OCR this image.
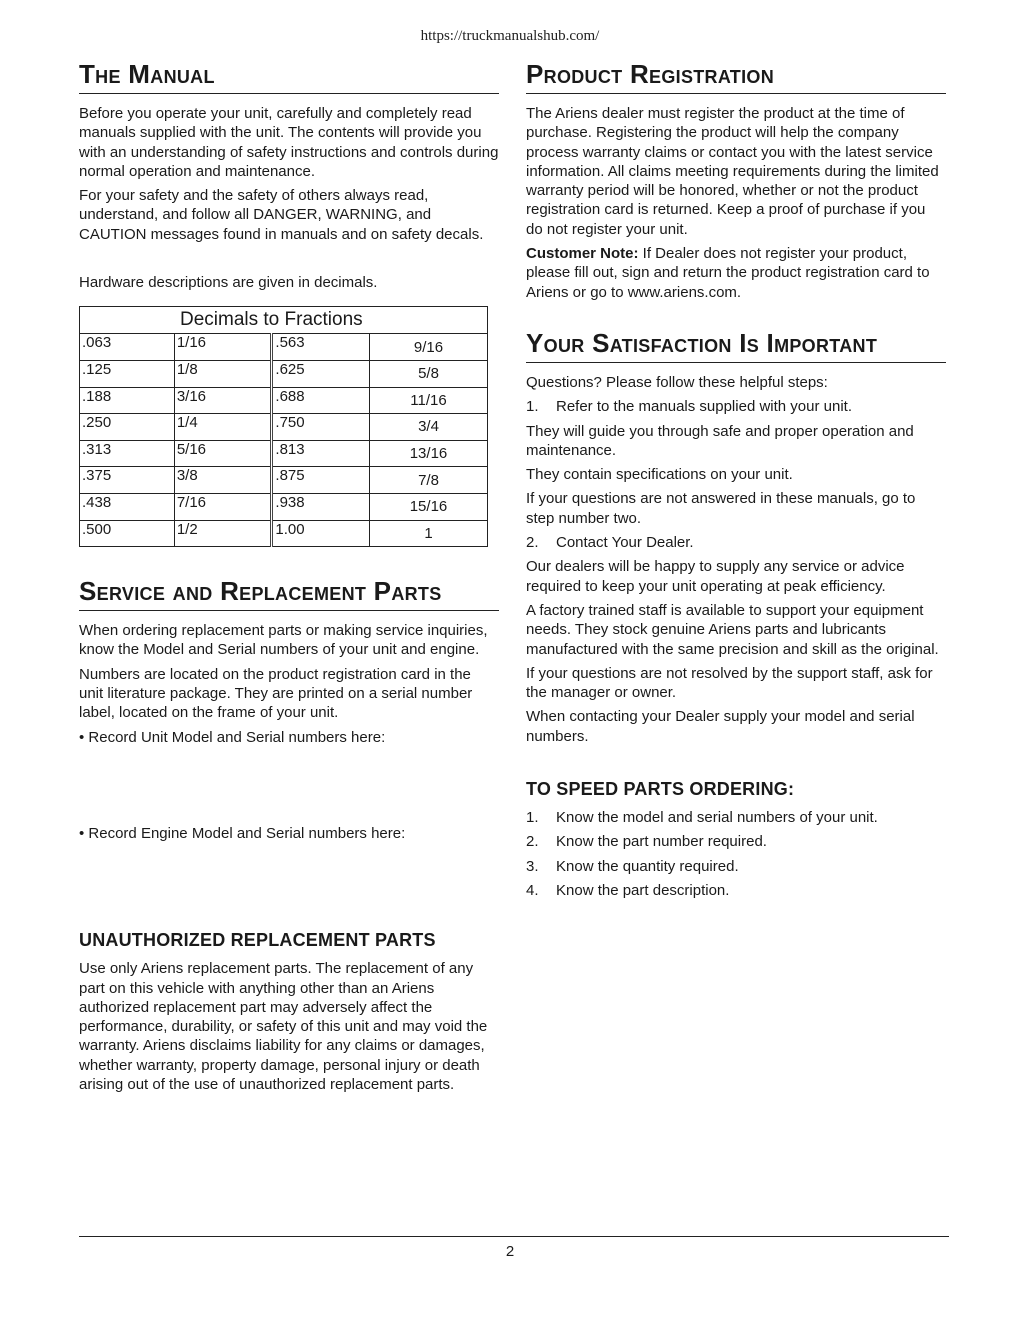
https://truckmanualshub.com/
The Manual

Before you operate your unit, carefully and completely read manuals supplied with the unit. The contents will provide you with an understanding of safety instructions and controls during normal operation and maintenance.

For your safety and the safety of others always read, understand, and follow all DANGER, WARNING, and CAUTION messages found in manuals and on safety decals.

Hardware descriptions are given in decimals.

Decimals to Fractions			
.063	1/16	.563	9/16
.125	1/8	.625	5/8
.188	3/16	.688	11/16
.250	1/4	.750	3/4
.313	5/16	.813	13/16
.375	3/8	.875	7/8
.438	7/16	.938	15/16
.500	1/2	1.00	1
Service and Replacement Parts

When ordering replacement parts or making service inquiries, know the Model and Serial numbers of your unit and engine.

Numbers are located on the product registration card in the unit literature package. They are printed on a serial number label, located on the frame of your unit.

• Record Unit Model and Serial numbers here:

• Record Engine Model and Serial numbers here:

UNAUTHORIZED REPLACEMENT PARTS

Use only Ariens replacement parts. The replacement of any part on this vehicle with anything other than an Ariens authorized replacement part may adversely affect the performance, durability, or safety of this unit and may void the warranty. Ariens disclaims liability for any claims or damages, whether warranty, property damage, personal injury or death arising out of the use of unauthorized replacement parts.

Product Registration

The Ariens dealer must register the product at the time of purchase. Registering the product will help the company process warranty claims or contact you with the latest service information. All claims meeting requirements during the limited warranty period will be honored, whether or not the product registration card is returned. Keep a proof of purchase if you do not register your unit.

Customer Note: If Dealer does not register your product, please fill out, sign and return the product registration card to Ariens or go to www.ariens.com.

Your Satisfaction Is Important

Questions? Please follow these helpful steps:

1. Refer to the manuals supplied with your unit.

They will guide you through safe and proper operation and maintenance.

They contain specifications on your unit.

If your questions are not answered in these manuals, go to step number two.

2. Contact Your Dealer.

Our dealers will be happy to supply any service or advice required to keep your unit operating at peak efficiency.

A factory trained staff is available to support your equipment needs. They stock genuine Ariens parts and lubricants manufactured with the same precision and skill as the original.

If your questions are not resolved by the support staff, ask for the manager or owner.

When contacting your Dealer supply your model and serial numbers.

TO SPEED PARTS ORDERING:
1. Know the model and serial numbers of your unit.
2. Know the part number required.
3. Know the quantity required.
4. Know the part description.
2
